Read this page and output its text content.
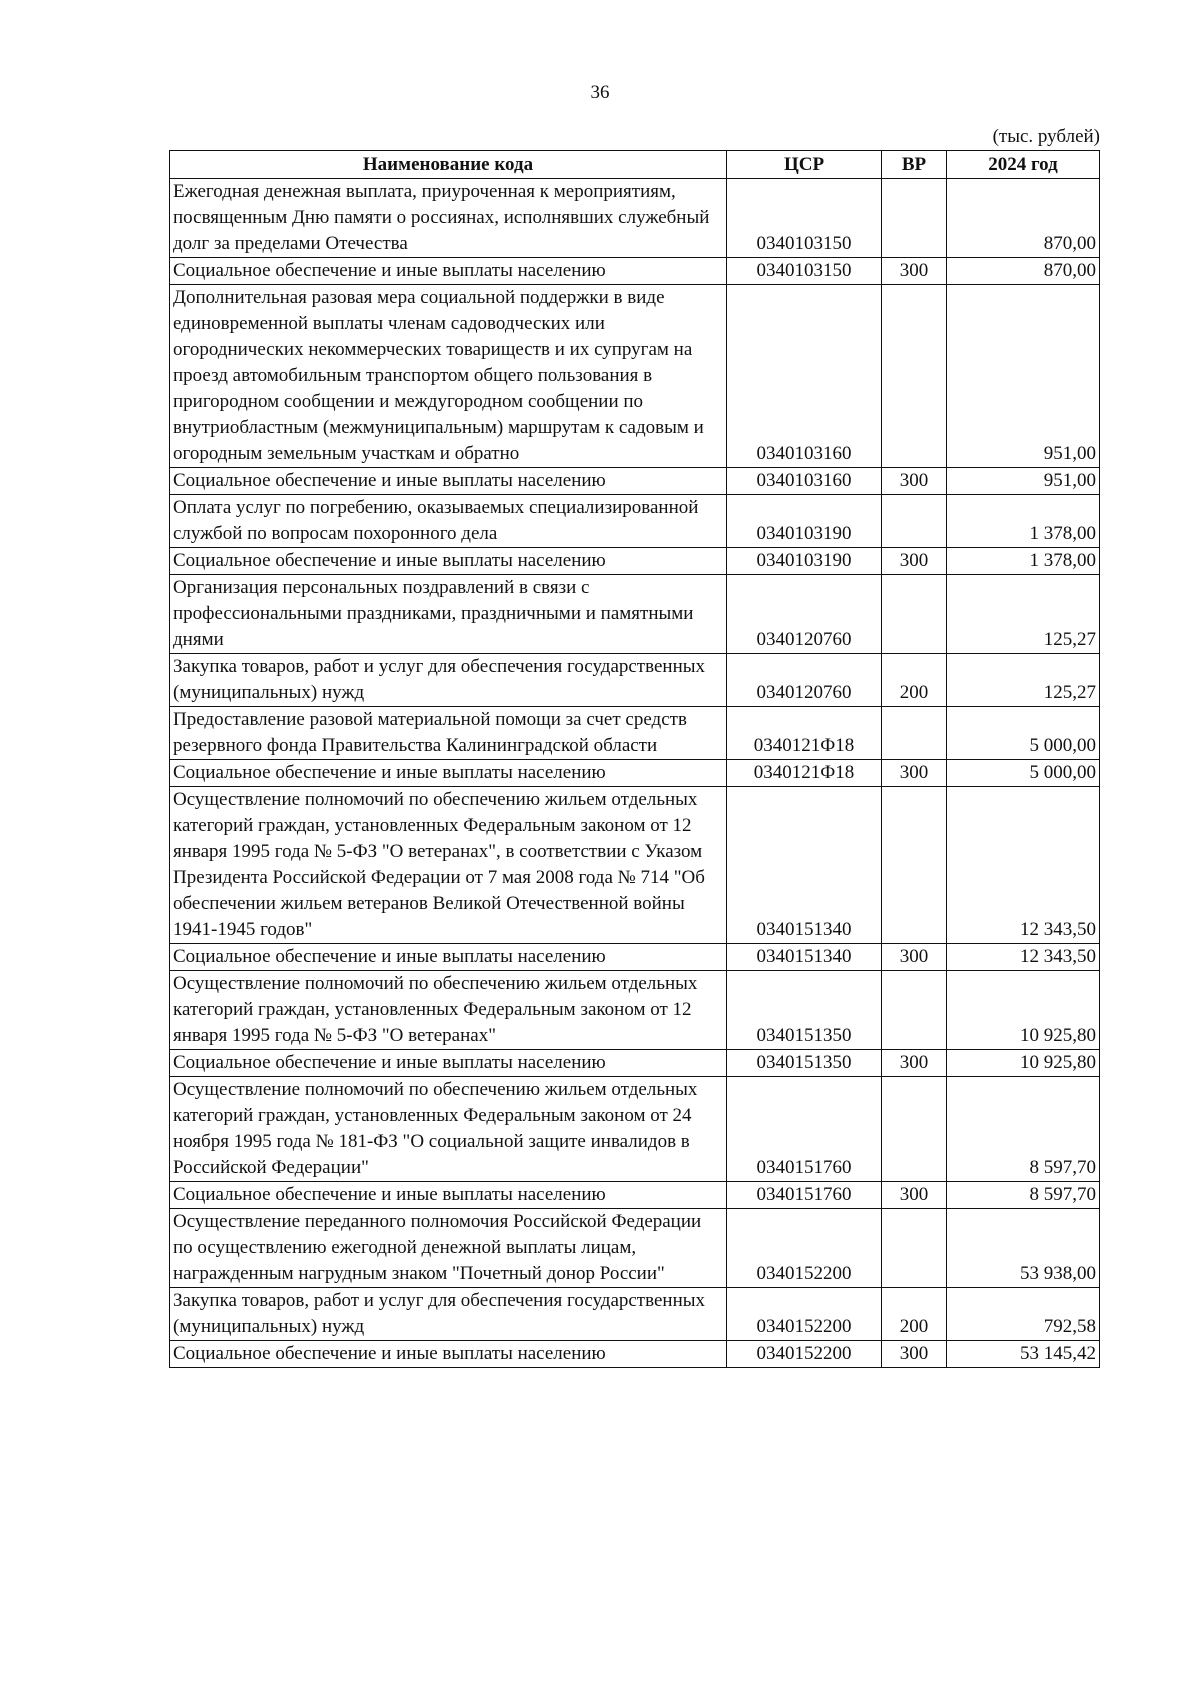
36
(тыс. рублей)
Наименование кода	ЦСР	ВР	2024 год
Ежегодная денежная выплата, приуроченная к мероприятиям, посвященным Дню памяти о россиянах, исполнявших служебный долг за пределами Отечества	0340103150		870,00
Социальное обеспечение и иные выплаты населению	0340103150	300	870,00
Дополнительная разовая мера социальной поддержки в виде единовременной выплаты членам садоводческих или огороднических некоммерческих товариществ и их супругам на проезд автомобильным транспортом общего пользования в пригородном сообщении и междугородном сообщении по внутриобластным (межмуниципальным) маршрутам к садовым и огородным земельным участкам и обратно	0340103160		951,00
Социальное обеспечение и иные выплаты населению	0340103160	300	951,00
Оплата услуг по погребению, оказываемых специализированной службой по вопросам похоронного дела	0340103190		1 378,00
Социальное обеспечение и иные выплаты населению	0340103190	300	1 378,00
Организация персональных поздравлений в связи с профессиональными праздниками, праздничными и памятными днями	0340120760		125,27
Закупка товаров, работ и услуг для обеспечения государственных (муниципальных) нужд	0340120760	200	125,27
Предоставление разовой материальной помощи за счет средств резервного фонда Правительства Калининградской области	0340121Ф18		5 000,00
Социальное обеспечение и иные выплаты населению	0340121Ф18	300	5 000,00
Осуществление полномочий по обеспечению жильем отдельных категорий граждан, установленных Федеральным законом от 12 января 1995 года № 5-ФЗ "О ветеранах", в соответствии с Указом Президента Российской Федерации от 7 мая 2008 года № 714 "Об обеспечении жильем ветеранов Великой Отечественной войны 1941-1945 годов"	0340151340		12 343,50
Социальное обеспечение и иные выплаты населению	0340151340	300	12 343,50
Осуществление полномочий по обеспечению жильем отдельных категорий граждан, установленных Федеральным законом от 12 января 1995 года № 5-ФЗ "О ветеранах"	0340151350		10 925,80
Социальное обеспечение и иные выплаты населению	0340151350	300	10 925,80
Осуществление полномочий по обеспечению жильем отдельных категорий граждан, установленных Федеральным законом от 24 ноября 1995 года № 181-ФЗ "О социальной защите инвалидов в Российской Федерации"	0340151760		8 597,70
Социальное обеспечение и иные выплаты населению	0340151760	300	8 597,70
Осуществление переданного полномочия Российской Федерации по осуществлению ежегодной денежной выплаты лицам, награжденным нагрудным знаком "Почетный донор России"	0340152200		53 938,00
Закупка товаров, работ и услуг для обеспечения государственных (муниципальных) нужд	0340152200	200	792,58
Социальное обеспечение и иные выплаты населению	0340152200	300	53 145,42
